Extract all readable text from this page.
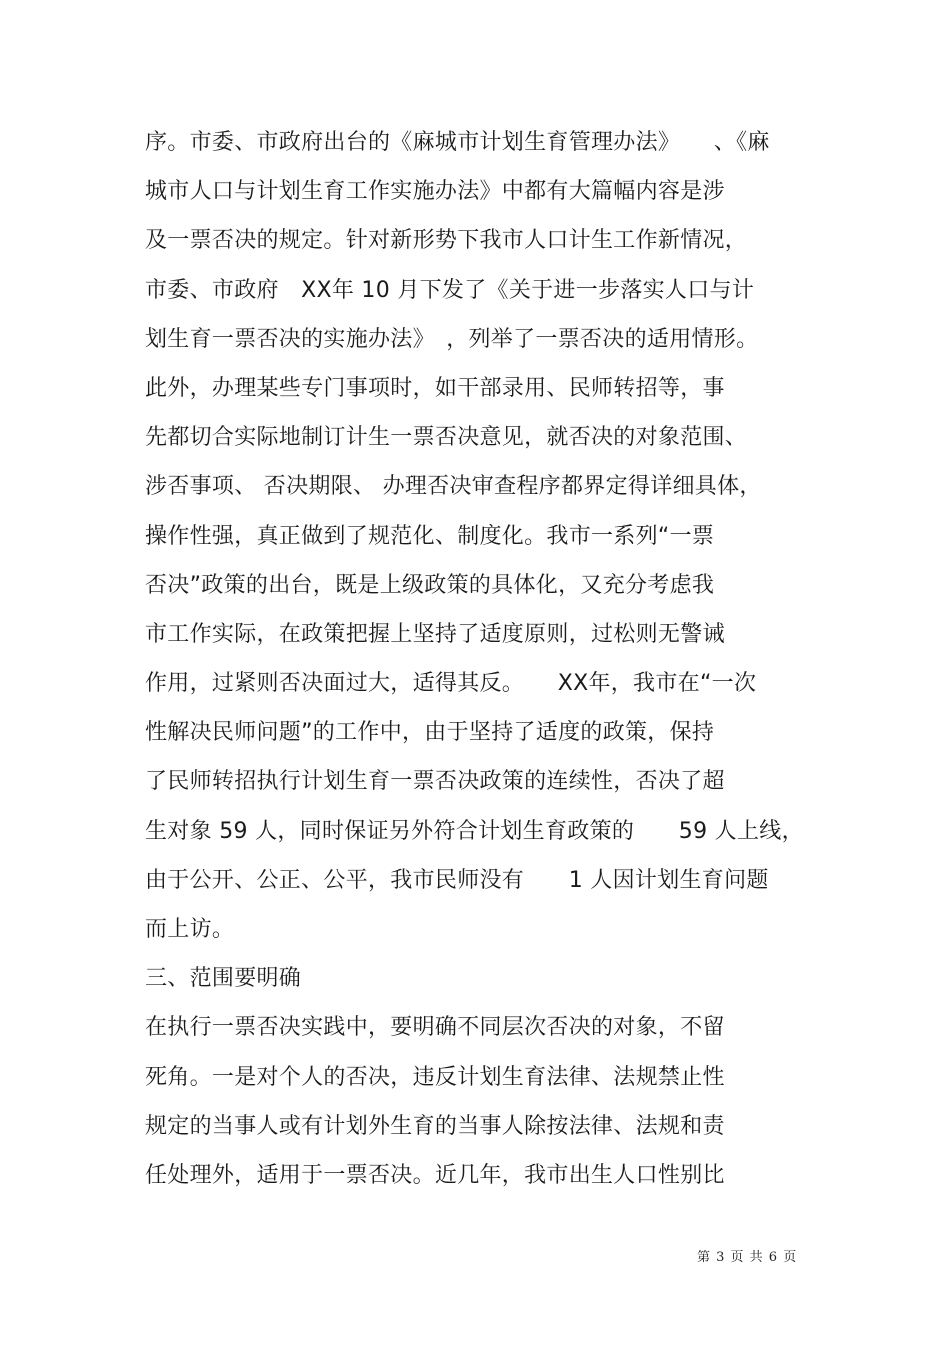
序。市委、市政府出台的《麻城市计划生育管理办法》　　、《麻
城市人口与计划生育工作实施办法》中都有大篇幅内容是涉
及一票否决的规定。针对新形势下我市人口计生工作新情况，
市委、市政府　XX年 10 月下发了《关于进一步落实人口与计
划生育一票否决的实施办法》　，列举了一票否决的适用情形。
此外，办理某些专门事项时，如干部录用、民师转招等，事
先都切合实际地制订计生一票否决意见，就否决的对象范围、
涉否事项、 否决期限、 办理否决审查程序都界定得详细具体，
操作性强，真正做到了规范化、制度化。我市一系列“一票
否决”政策的出台，既是上级政策的具体化，又充分考虑我
市工作实际，在政策把握上坚持了适度原则，过松则无警诫
作用，过紧则否决面过大，适得其反。　　XX年，我市在“一次
性解决民师问题”的工作中，由于坚持了适度的政策，保持
了民师转招执行计划生育一票否决政策的连续性，否决了超
生对象 59 人，同时保证另外符合计划生育政策的　　59 人上线，
由于公开、公正、公平，我市民师没有　　1 人因计划生育问题
而上访。
三、范围要明确
在执行一票否决实践中，要明确不同层次否决的对象，不留
死角。一是对个人的否决，违反计划生育法律、法规禁止性
规定的当事人或有计划外生育的当事人除按法律、法规和责
任处理外，适用于一票否决。近几年，我市出生人口性别比
第 3 页 共 6 页
